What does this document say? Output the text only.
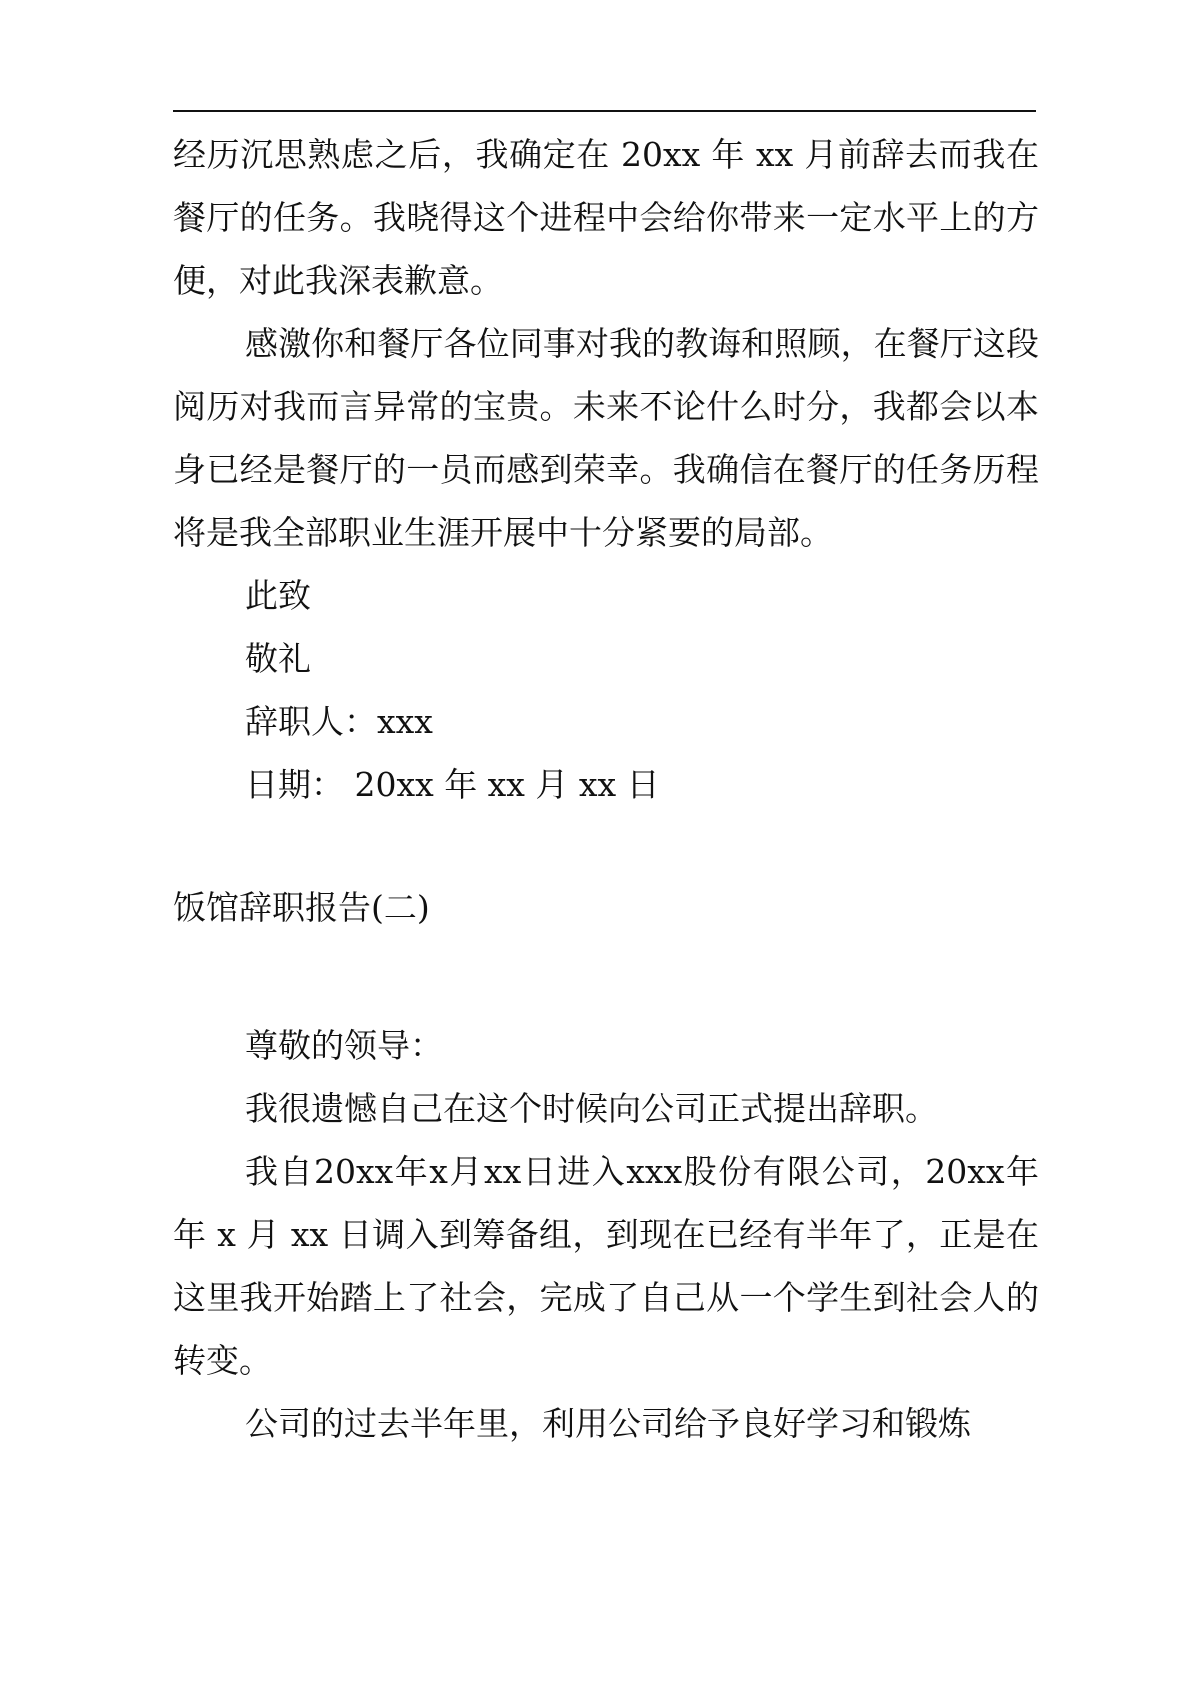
经历沉思熟虑之后，我确定在 20xx 年 xx 月前辞去而我在餐厅的任务。我晓得这个进程中会给你带来一定水平上的方便，对此我深表歉意。

感激你和餐厅各位同事对我的教诲和照顾，在餐厅这段阅历对我而言异常的宝贵。未来不论什么时分，我都会以本身已经是餐厅的一员而感到荣幸。我确信在餐厅的任务历程将是我全部职业生涯开展中十分紧要的局部。

此致

敬礼

辞职人：xxx

日期： 20xx 年 xx 月 xx 日

饭馆辞职报告(二)

尊敬的领导：

我很遗憾自己在这个时候向公司正式提出辞职。

我自20xx年x月xx日进入xxx股份有限公司，20xx年年 x 月 xx 日调入到筹备组，到现在已经有半年了，正是在这里我开始踏上了社会，完成了自己从一个学生到社会人的转变。

公司的过去半年里，利用公司给予良好学习和锻炼
